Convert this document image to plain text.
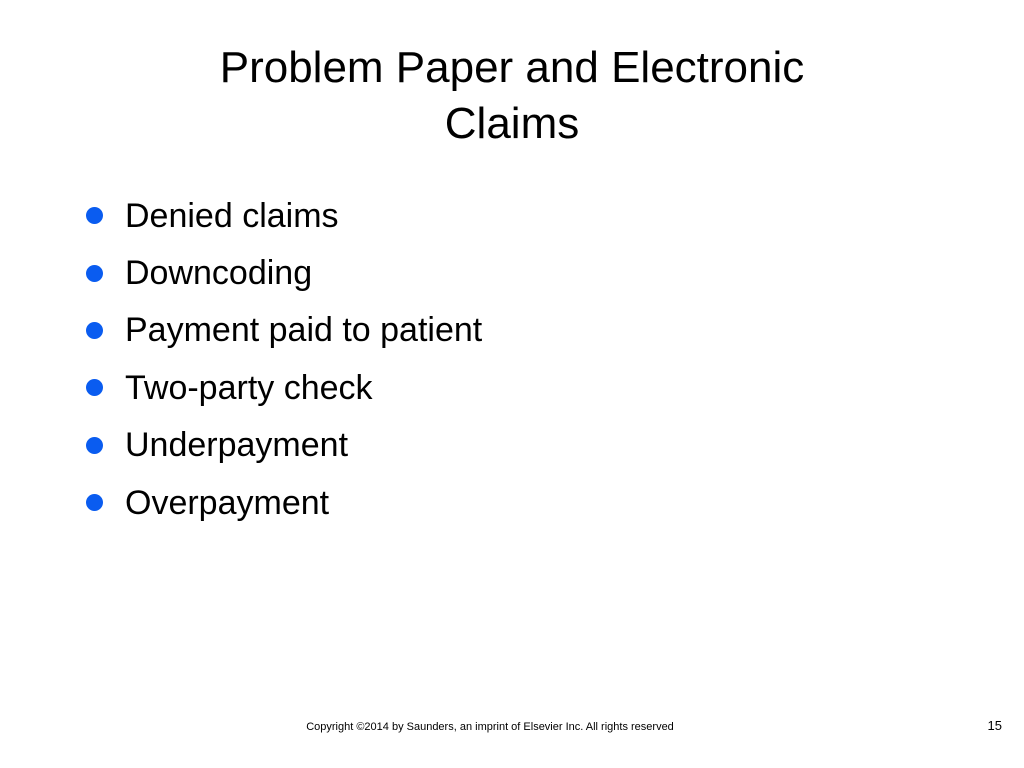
Problem Paper and Electronic
Claims
Denied claims
Downcoding
Payment paid to patient
Two-party check
Underpayment
Overpayment
Copyright ©2014 by Saunders, an imprint of Elsevier Inc. All rights reserved	15
